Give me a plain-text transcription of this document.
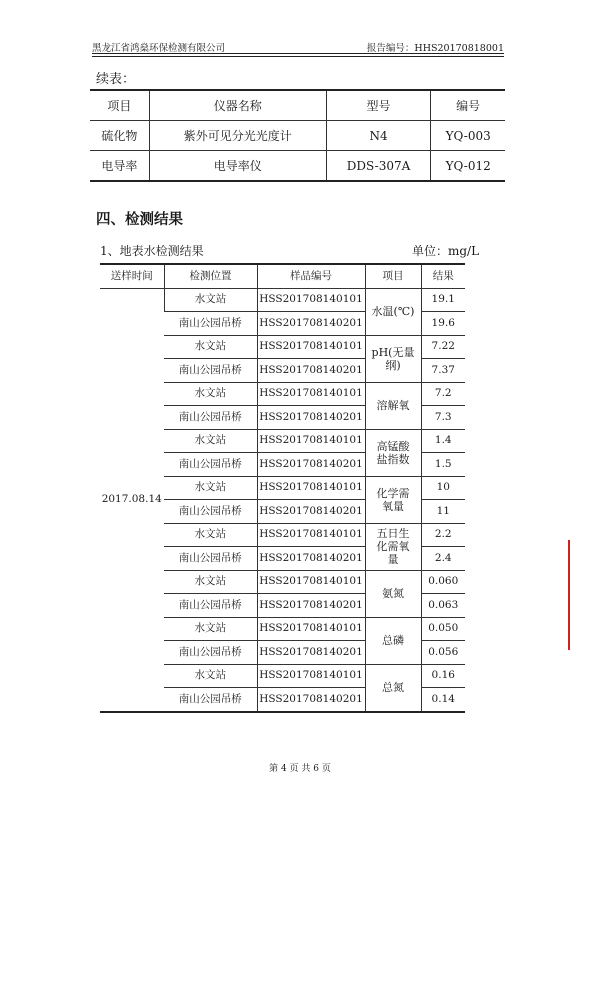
黑龙江省鸿燊环保检测有限公司	报告编号：HHS20170818001
续表：
项目	仪器名称	型号	编号
硫化物	紫外可见分光光度计	N4	YQ-003
电导率	电导率仪	DDS-307A	YQ-012
四、检测结果
1、地表水检测结果	单位：mg/L
送样时间	检测位置	样品编号	项目	结果
2017.08.14	水文站	HSS201708140101	水温(℃)	19.1
	南山公园吊桥	HSS201708140201		19.6
	水文站	HSS201708140101	pH(无量纲)	7.22
	南山公园吊桥	HSS201708140201		7.37
	水文站	HSS201708140101	溶解氧	7.2
	南山公园吊桥	HSS201708140201		7.3
	水文站	HSS201708140101	高锰酸盐指数	1.4
	南山公园吊桥	HSS201708140201		1.5
	水文站	HSS201708140101	化学需氧量	10
	南山公园吊桥	HSS201708140201		11
	水文站	HSS201708140101	五日生化需氧量	2.2
	南山公园吊桥	HSS201708140201		2.4
	水文站	HSS201708140101	氨氮	0.060
	南山公园吊桥	HSS201708140201		0.063
	水文站	HSS201708140101	总磷	0.050
	南山公园吊桥	HSS201708140201		0.056
	水文站	HSS201708140101	总氮	0.16
	南山公园吊桥	HSS201708140201		0.14
第 4 页 共 6 页
